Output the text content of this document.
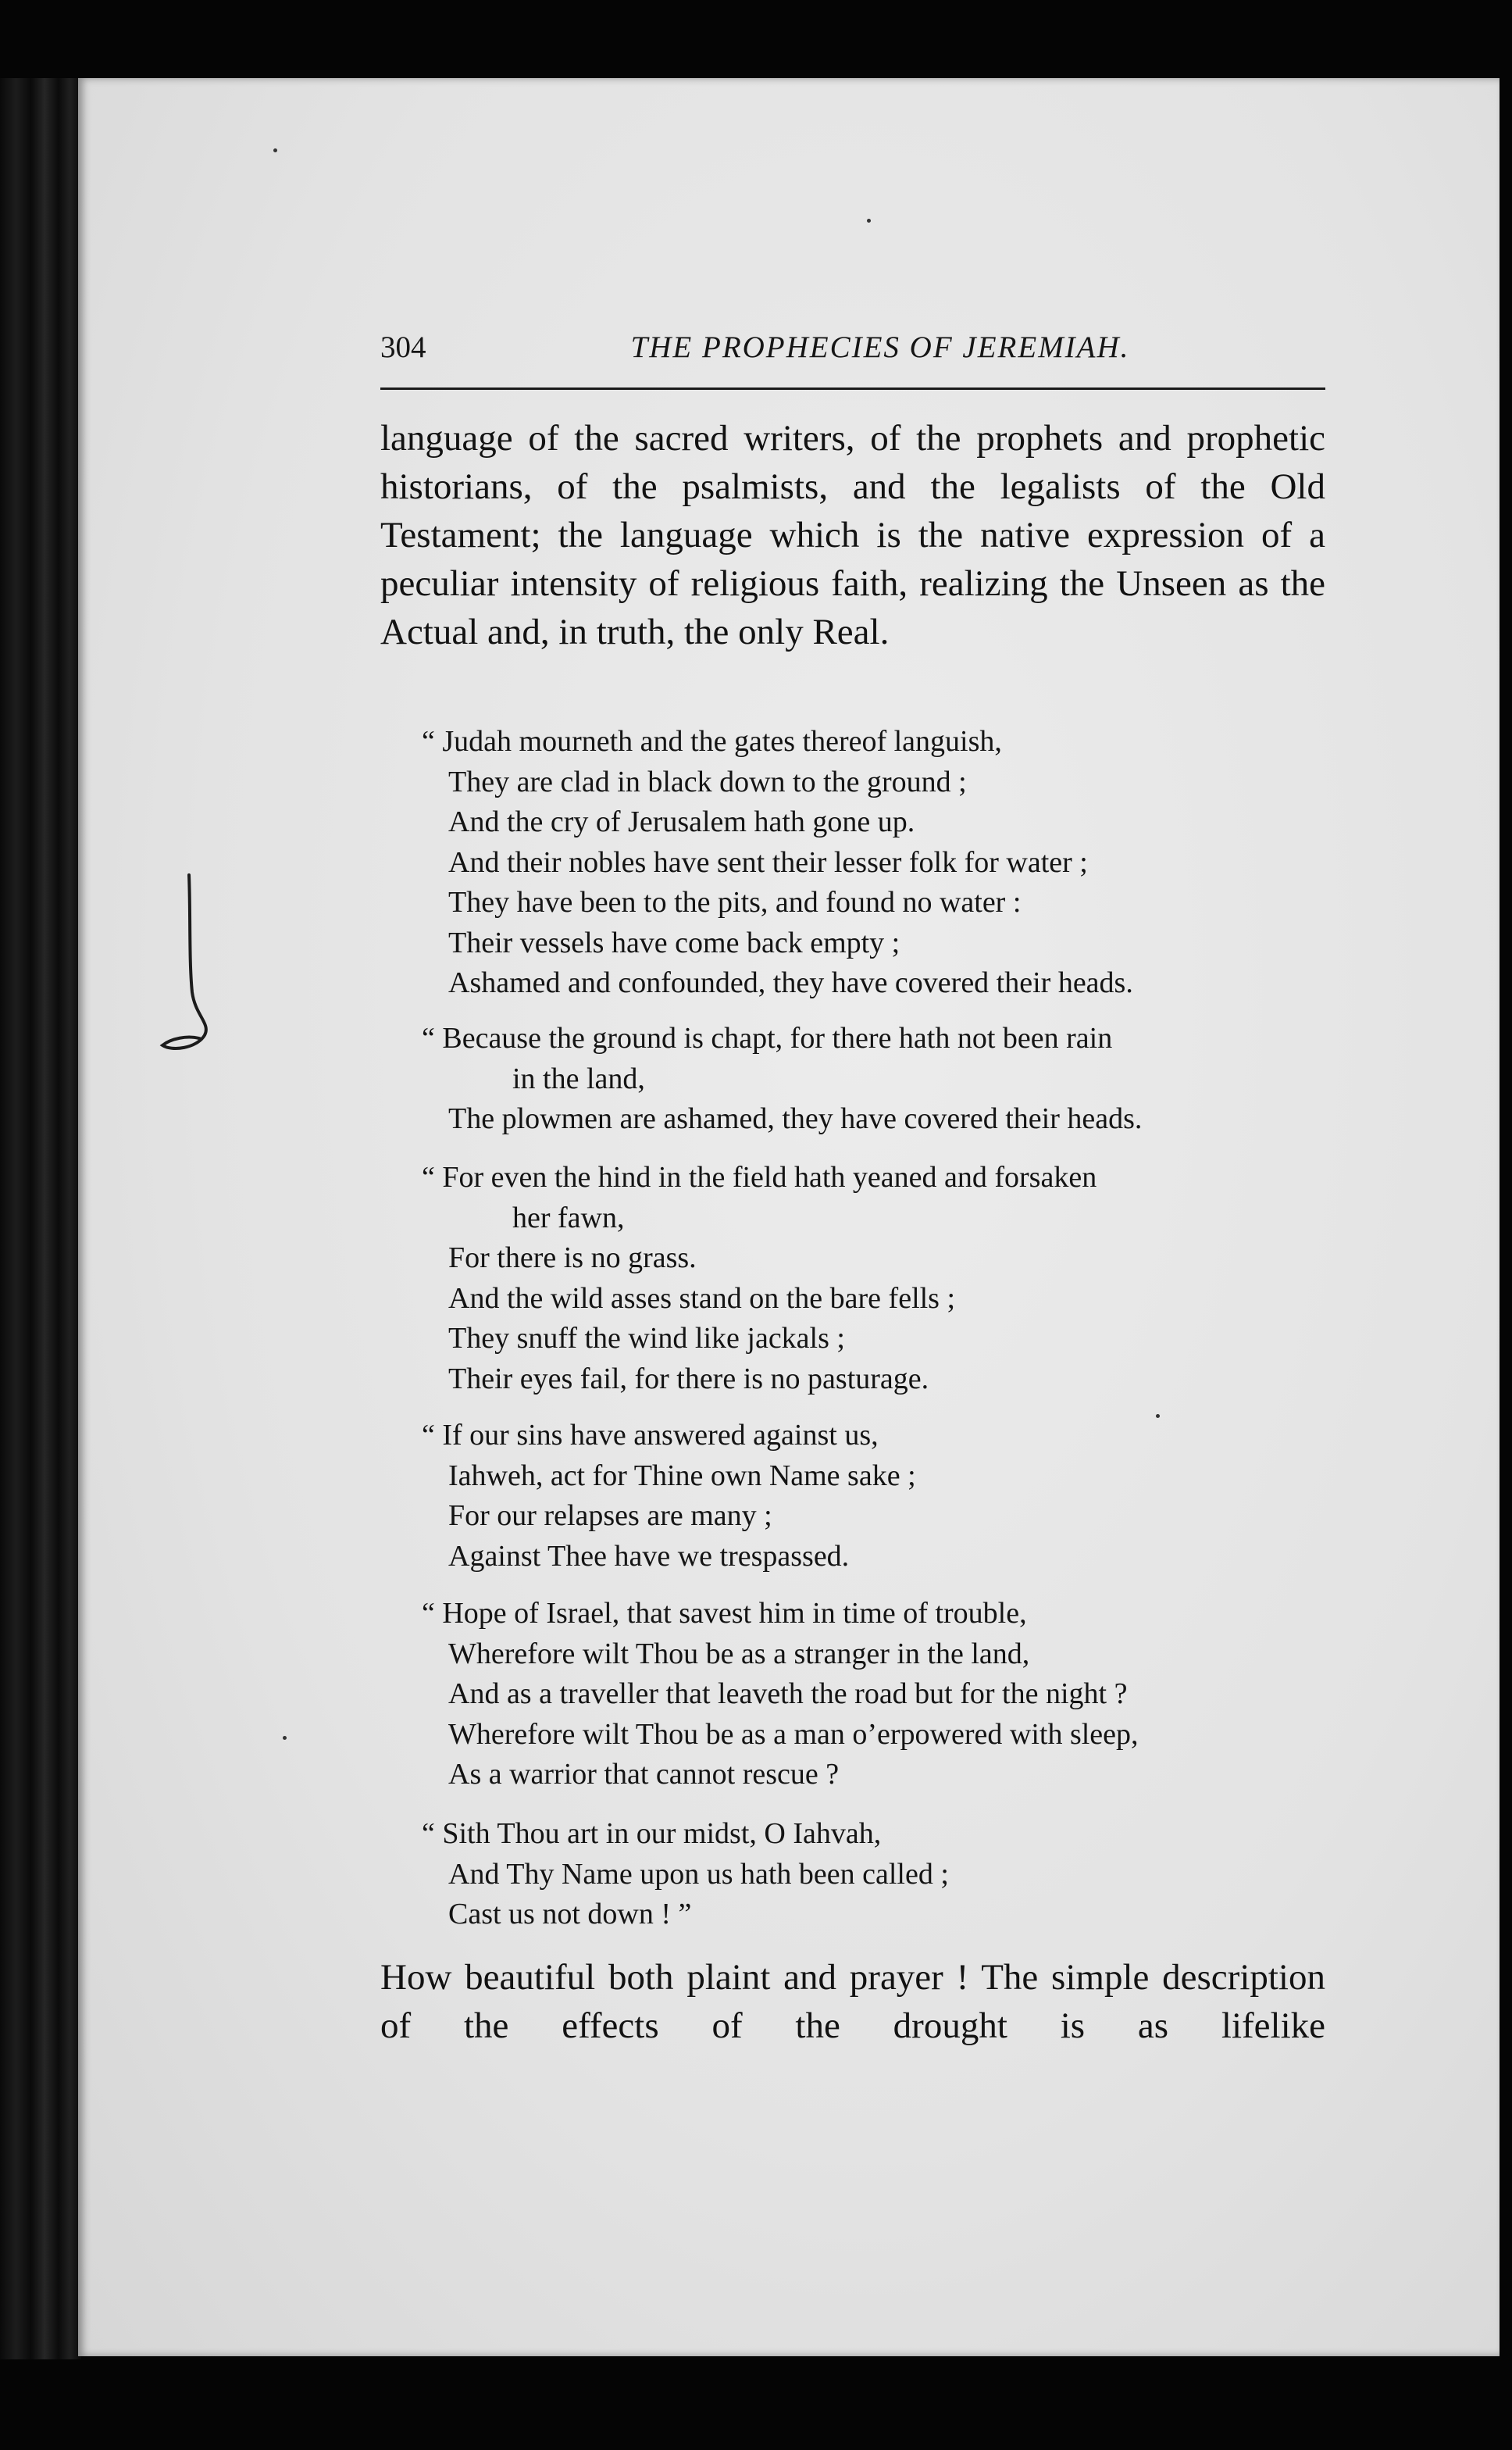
304	THE PROPHECIES OF JEREMIAH.
language of the sacred writers, of the prophets and prophetic historians, of the psalmists, and the legalists of the Old Testament; the language which is the native expression of a peculiar intensity of religious faith, realizing the Unseen as the Actual and, in truth, the only Real.
“ Judah mourneth and the gates thereof languish,
They are clad in black down to the ground ;
And the cry of Jerusalem hath gone up.
And their nobles have sent their lesser folk for water ;
They have been to the pits, and found no water :
Their vessels have come back empty ;
Ashamed and confounded, they have covered their heads.
“ Because the ground is chapt, for there hath not been rain
in the land,
The plowmen are ashamed, they have covered their heads.
“ For even the hind in the field hath yeaned and forsaken
her fawn,
For there is no grass.
And the wild asses stand on the bare fells ;
They snuff the wind like jackals ;
Their eyes fail, for there is no pasturage.
“ If our sins have answered against us,
Iahweh, act for Thine own Name sake ;
For our relapses are many ;
Against Thee have we trespassed.
“ Hope of Israel, that savest him in time of trouble,
Wherefore wilt Thou be as a stranger in the land,
And as a traveller that leaveth the road but for the night ?
Wherefore wilt Thou be as a man o’erpowered with sleep,
As a warrior that cannot rescue ?
“ Sith Thou art in our midst, O Iahvah,
And Thy Name upon us hath been called ;
Cast us not down ! ”
How beautiful both plaint and prayer ! The simple description of the effects of the drought is as lifelike
